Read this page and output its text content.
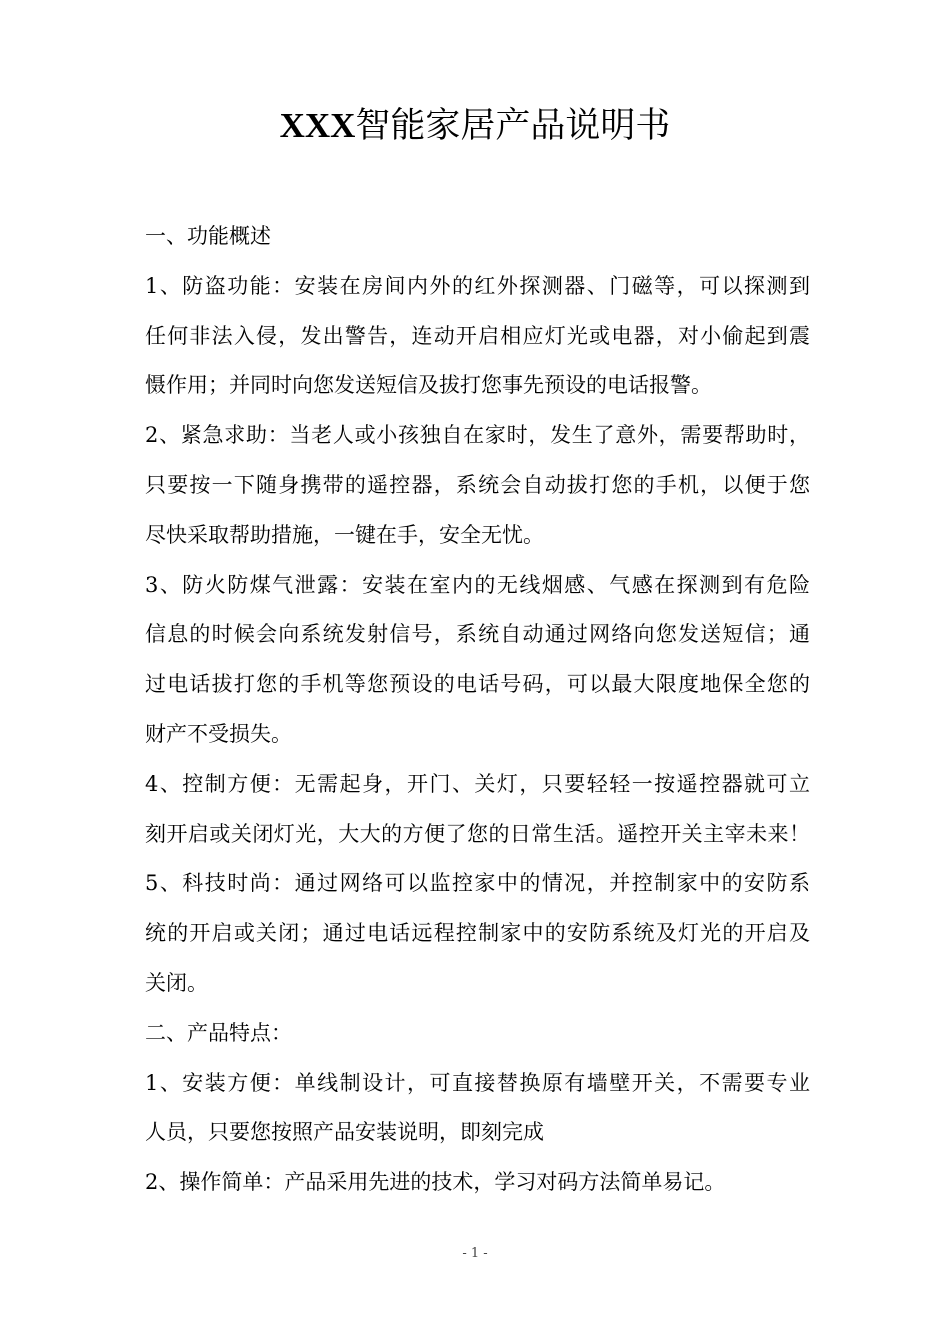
XXX智能家居产品说明书
一、功能概述
1、防盗功能：安装在房间内外的红外探测器、门磁等，可以探测到
任何非法入侵，发出警告，连动开启相应灯光或电器，对小偷起到震
慑作用；并同时向您发送短信及拔打您事先预设的电话报警。
2、紧急求助：当老人或小孩独自在家时，发生了意外，需要帮助时，
只要按一下随身携带的遥控器，系统会自动拔打您的手机，以便于您
尽快采取帮助措施，一键在手，安全无忧。
3、防火防煤气泄露：安装在室内的无线烟感、气感在探测到有危险
信息的时候会向系统发射信号，系统自动通过网络向您发送短信；通
过电话拔打您的手机等您预设的电话号码，可以最大限度地保全您的
财产不受损失。
4、控制方便：无需起身，开门、关灯，只要轻轻一按遥控器就可立
刻开启或关闭灯光，大大的方便了您的日常生活。遥控开关主宰未来！
5、科技时尚：通过网络可以监控家中的情况，并控制家中的安防系
统的开启或关闭；通过电话远程控制家中的安防系统及灯光的开启及
关闭。
二、产品特点：
1、安装方便：单线制设计，可直接替换原有墙壁开关，不需要专业
人员，只要您按照产品安装说明，即刻完成
2、操作简单：产品采用先进的技术，学习对码方法简单易记。
- 1 -
